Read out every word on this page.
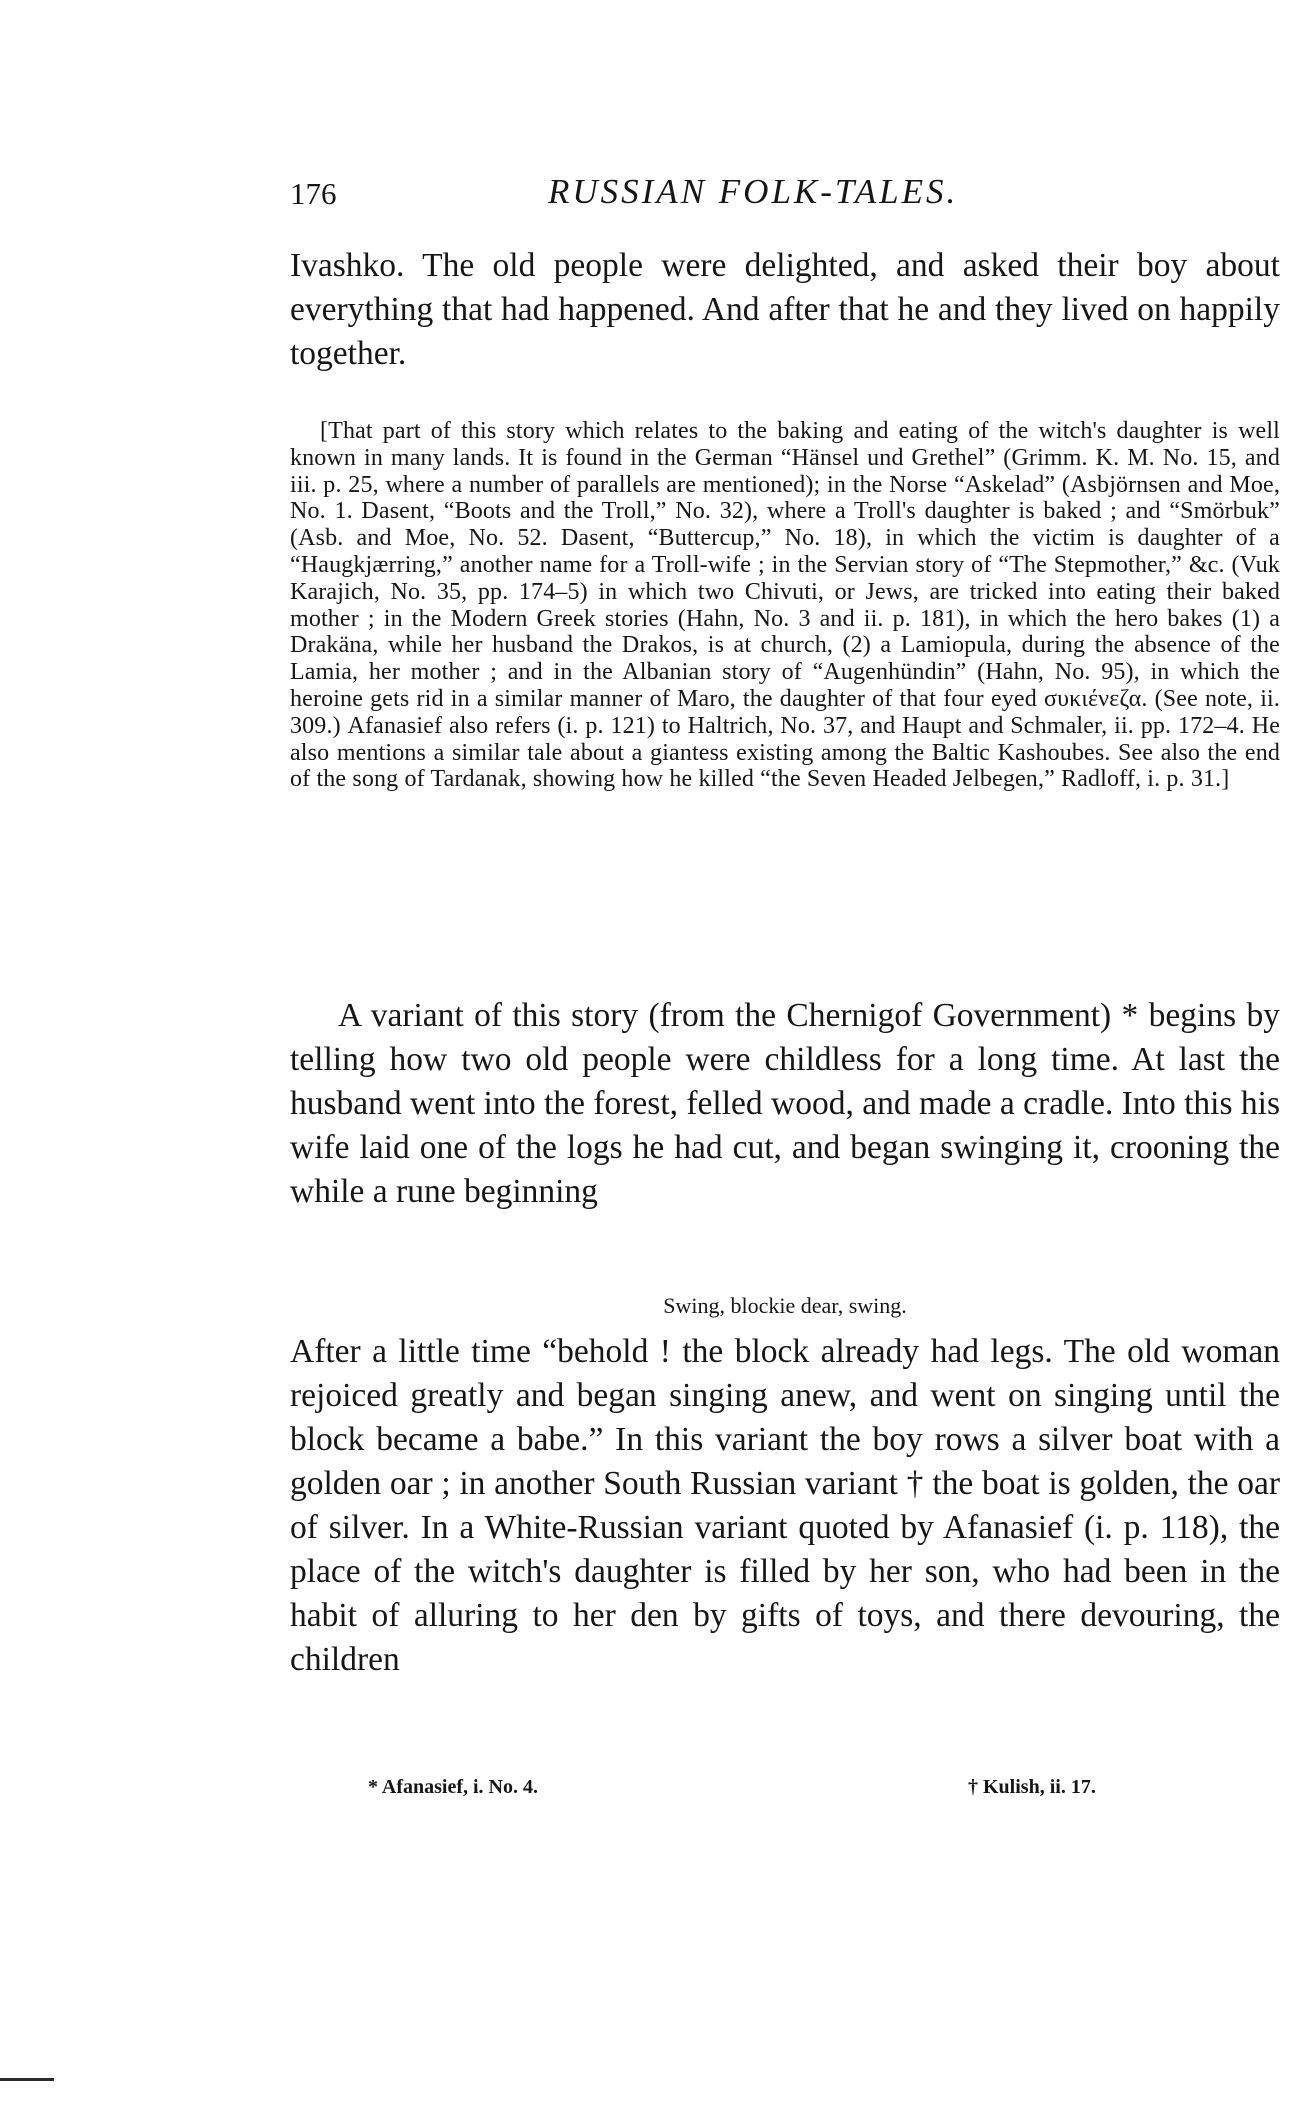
176	RUSSIAN FOLK-TALES.

Ivashko. The old people were delighted, and asked their boy about everything that had happened. And after that he and they lived on happily together.

[That part of this story which relates to the baking and eating of the witch's daughter is well known in many lands. It is found in the German “Hänsel und Grethel” (Grimm. K. M. No. 15, and iii. p. 25, where a number of parallels are mentioned); in the Norse “Askelad” (Asbjörnsen and Moe, No. 1. Dasent, “Boots and the Troll,” No. 32), where a Troll's daughter is baked ; and “Smörbuk” (Asb. and Moe, No. 52. Dasent, “Buttercup,” No. 18), in which the victim is daughter of a “Haugkjærring,” another name for a Troll-wife ; in the Servian story of “The Stepmother,” &c. (Vuk Karajich, No. 35, pp. 174–5) in which two Chivuti, or Jews, are tricked into eating their baked mother ; in the Modern Greek stories (Hahn, No. 3 and ii. p. 181), in which the hero bakes (1) a Drakäna, while her husband the Drakos, is at church, (2) a Lamiopula, during the absence of the Lamia, her mother ; and in the Albanian story of “Augenhündin” (Hahn, No. 95), in which the heroine gets rid in a similar manner of Maro, the daughter of that four eyed συκιένεζα. (See note, ii. 309.) Afanasief also refers (i. p. 121) to Haltrich, No. 37, and Haupt and Schmaler, ii. pp. 172–4. He also mentions a similar tale about a giantess existing among the Baltic Kashoubes. See also the end of the song of Tardanak, showing how he killed “the Seven Headed Jelbegen,” Radloff, i. p. 31.]

A variant of this story (from the Chernigof Government) * begins by telling how two old people were childless for a long time. At last the husband went into the forest, felled wood, and made a cradle. Into this his wife laid one of the logs he had cut, and began swinging it, crooning the while a rune beginning

Swing, blockie dear, swing.

After a little time “behold ! the block already had legs. The old woman rejoiced greatly and began singing anew, and went on singing until the block became a babe.” In this variant the boy rows a silver boat with a golden oar ; in another South Russian variant † the boat is golden, the oar of silver. In a White-Russian variant quoted by Afanasief (i. p. 118), the place of the witch's daughter is filled by her son, who had been in the habit of alluring to her den by gifts of toys, and there devouring, the children

* Afanasief, i. No. 4.	† Kulish, ii. 17.
